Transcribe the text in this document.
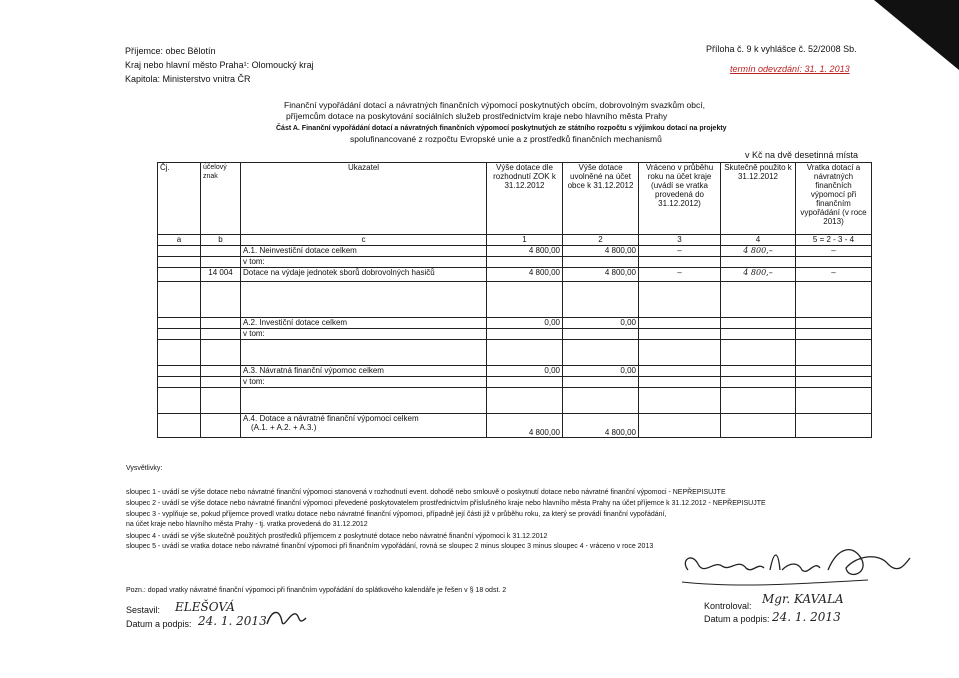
Příjemce: obec Bělotín
Kraj nebo hlavní město Praha¹: Olomoucký kraj
Kapitola: Ministerstvo vnitra ČR
Příloha č. 9 k vyhlášce č. 52/2008 Sb.
termín odevzdání: 31. 1. 2013
Finanční vypořádání dotací a návratných finančních výpomocí poskytnutých obcím, dobrovolným svazkům obcí,
příjemcům dotace na poskytování sociálních služeb prostřednictvím kraje nebo hlavního města Prahy
Část A. Finanční vypořádání dotací a návratných finančních výpomocí poskytnutých ze státního rozpočtu s výjimkou dotací na projekty
spolufinancované z rozpočtu Evropské unie a z prostředků finančních mechanismů
v Kč na dvě desetinná místa
Čj.	účelový znak	Ukazatel	Výše dotace dle rozhodnutí ZOK k 31.12.2012	Výše dotace uvolněné na účet obce k 31.12.2012	Vráceno v průběhu roku na účet kraje (uvádí se vratka provedená do 31.12.2012)	Skutečně použito k 31.12.2012	Vratka dotací a návratných finančních výpomocí při finančním vypořádání (v roce 2013)
a	b	c	1	2	3	4	5 = 2 - 3 - 4
		A.1. Neinvestiční dotace celkem	4 800,00	4 800,00	–	4 800,–	–
		v tom:					
	14 004	Dotace na výdaje jednotek sborů dobrovolných hasičů	4 800,00	4 800,00	–	4 800,–	–

		A.2. Investiční dotace celkem	0,00	0,00			
		v tom:					

		A.3. Návratná finanční výpomoc celkem	0,00	0,00			
		v tom:					

		A.4. Dotace a návratné finanční výpomoci celkem
(A.1. + A.2. + A.3.)	4 800,00	4 800,00			
Vysvětlivky:
sloupec 1 - uvádí se výše dotace nebo návratné finanční výpomoci stanovená v rozhodnutí event. dohodě nebo smlouvě o poskytnutí dotace nebo návratné finanční výpomoci - NEPŘEPISUJTE
sloupec 2 - uvádí se výše dotace nebo návratné finanční výpomoci převedené poskytovatelem prostřednictvím příslušného kraje nebo hlavního města Prahy na účet příjemce k 31.12.2012 - NEPŘEPISUJTE
sloupec 3 - vyplňuje se, pokud příjemce provedl vratku dotace nebo návratné finanční výpomoci, případně její části již v průběhu roku, za který se provádí finanční vypořádání,
na účet kraje nebo hlavního města Prahy - tj. vratka provedená do 31.12.2012
sloupec 4 - uvádí se výše skutečně použitých prostředků příjemcem z poskytnuté dotace nebo návratné finanční výpomoci k 31.12.2012
sloupec 5 - uvádí se vratka dotace nebo návratné finanční výpomoci při finančním vypořádání, rovná se sloupec 2 minus sloupec 3 minus sloupec 4 - vráceno v roce 2013
Pozn.: dopad vratky návratné finanční výpomoci při finančním vypořádání do splátkového kalendáře je řešen v § 18 odst. 2
Sestavil: ELEŠOVÁ
Datum a podpis: 24. 1. 2013
Kontroloval: Mgr. KAVALA
Datum a podpis: 24. 1. 2013
